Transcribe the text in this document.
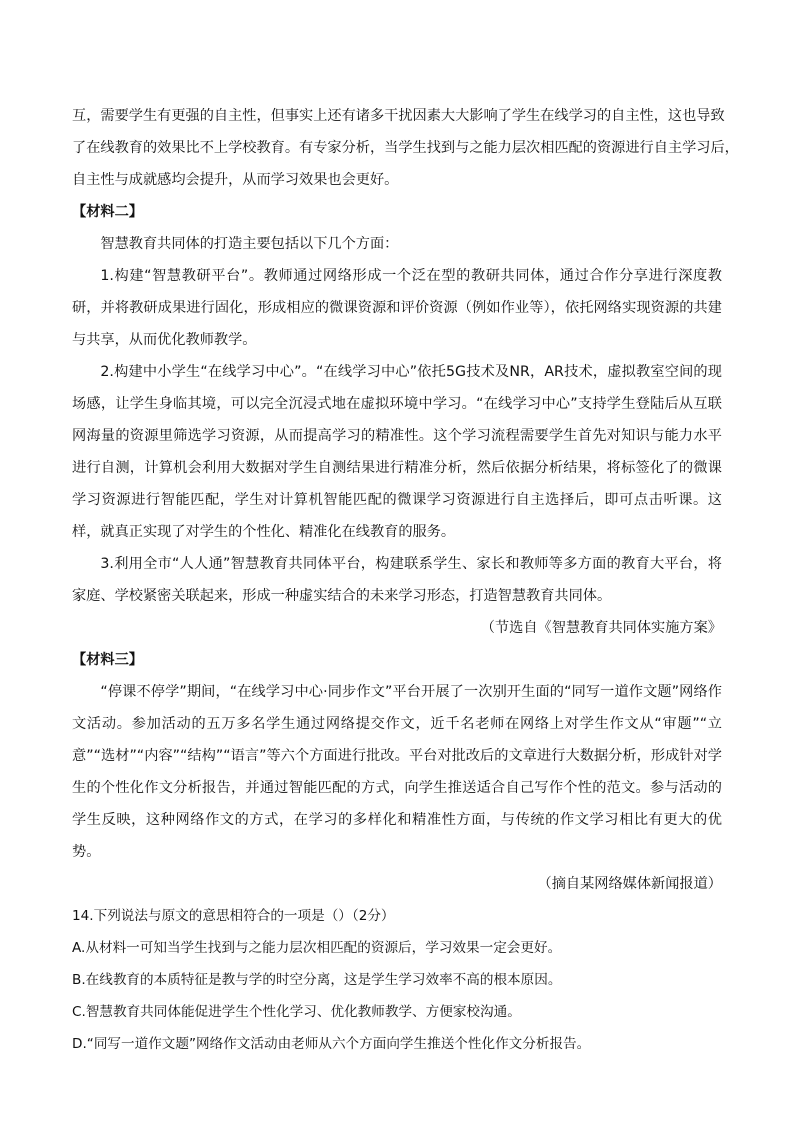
互，需要学生有更强的自主性，但事实上还有诸多干扰因素大大影响了学生在线学习的自主性，这也导致
了在线教育的效果比不上学校教育。有专家分析，当学生找到与之能力层次相匹配的资源进行自主学习后，
自主性与成就感均会提升，从而学习效果也会更好。

【材料二】

智慧教育共同体的打造主要包括以下几个方面：

1.构建“智慧教研平台”。教师通过网络形成一个泛在型的教研共同体，通过合作分享进行深度教研，并将教研成果进行固化，形成相应的微课资源和评价资源（例如作业等），依托网络实现资源的共建与共享，从而优化教师教学。

2.构建中小学生“在线学习中心”。“在线学习中心”依托5G技术及NR，AR技术，虚拟教室空间的现场感，让学生身临其境，可以完全沉浸式地在虚拟环境中学习。“在线学习中心”支持学生登陆后从互联网海量的资源里筛选学习资源，从而提高学习的精准性。这个学习流程需要学生首先对知识与能力水平进行自测，计算机会利用大数据对学生自测结果进行精准分析，然后依据分析结果，将标签化了的微课学习资源进行智能匹配，学生对计算机智能匹配的微课学习资源进行自主选择后，即可点击听课。这样，就真正实现了对学生的个性化、精准化在线教育的服务。

3.利用全市“人人通”智慧教育共同体平台，构建联系学生、家长和教师等多方面的教育大平台，将家庭、学校紧密关联起来，形成一种虚实结合的未来学习形态，打造智慧教育共同体。

（节选自《智慧教育共同体实施方案》

【材料三】

“停课不停学”期间，“在线学习中心·同步作文”平台开展了一次别开生面的“同写一道作文题”网络作文活动。参加活动的五万多名学生通过网络提交作文，近千名老师在网络上对学生作文从“审题”“立意”“选材”“内容”“结构”“语言”等六个方面进行批改。平台对批改后的文章进行大数据分析，形成针对学生的个性化作文分析报告，并通过智能匹配的方式，向学生推送适合自己写作个性的范文。参与活动的学生反映，这种网络作文的方式，在学习的多样化和精准性方面，与传统的作文学习相比有更大的优势。

（摘自某网络媒体新闻报道）

14.下列说法与原文的意思相符合的一项是（）（2分）

A.从材料一可知当学生找到与之能力层次相匹配的资源后，学习效果一定会更好。

B.在线教育的本质特征是教与学的时空分离，这是学生学习效率不高的根本原因。

C.智慧教育共同体能促进学生个性化学习、优化教师教学、方便家校沟通。

D.“同写一道作文题”网络作文活动由老师从六个方面向学生推送个性化作文分析报告。
